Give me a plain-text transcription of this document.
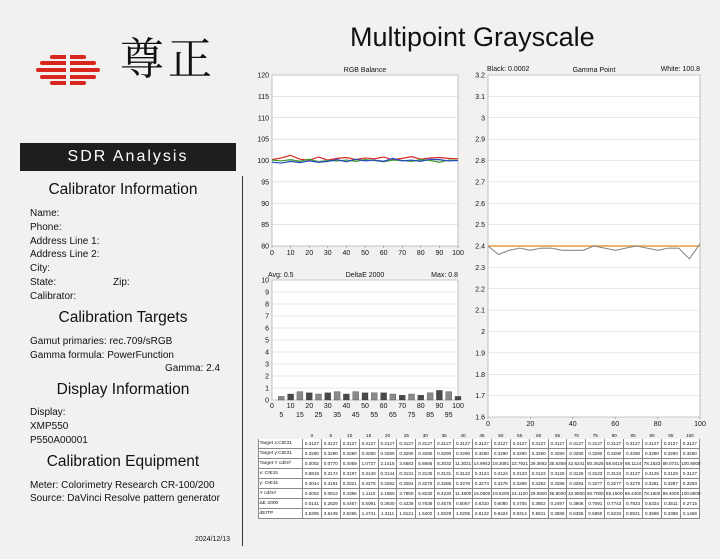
尊正	Multipoint Grayscale
SDR Analysis
Calibrator Information
Name:
Phone:
Address Line 1:
Address Line 2:
City:
State:	Zip:
Calibrator:
Calibration Targets
Gamut primaries: rec.709/sRGB
Gamma formula: PowerFunction
Gamma: 2.4
Display Information
Display:
XMP550
P550A00001
Calibration Equipment
Meter: Colorimetry Research CR-100/200
Source: DaVinci Resolve pattern generator
2024/12/13
RGB Balance
120
115
110
105
100
95
90
85
80
0 10 20 30 40 50 60 70 80 90 100
DeltaE 2000
Avg: 0.5	Max: 0.8
10
9
8
7
6
5
4
3
2
1
0
0 10 20 30 40 50 60 70 80 90 100
5 15 25 35 45 55 65 75 85 95
Gamma Point
Black: 0.0002	White: 100.8
3.2
3.1
3
2.9
2.8
2.7
2.6
2.5
2.4
2.3
2.2
2.1
2
1.9
1.8
1.7
1.6
0	20	40	60	80	100
	0	5	10	15	20	25	30	35	40	45	50	55	60	65	70	75	80	85	90	95	100
Target x:CIE31	0.3127	0.3127	0.3127	0.3127	0.3127	0.3127	0.3127	0.3127	0.3127	0.3127	0.3127	0.3127	0.3127	0.3127	0.3127	0.3127	0.3127	0.3127	0.3127	0.3127	0.3127
Target y:CIE31	0.3290	0.3290	0.3290	0.3290	0.3290	0.3290	0.3290	0.3290	0.3290	0.3290	0.3290	0.3290	0.3290	0.3290	0.3290	0.3290	0.3290	0.3290	0.3290	0.3290	0.3290
Target Y cd/m²	0.0002	0.0770	0.4059	1.0737	2.1415	3.6583	5.6665	8.2032	11.3021	14.9942	19.3081	23.7921	29.3662	35.6359	42.6241	50.3525	58.8419	68.1124	78.1833	89.0731	100.8000
x: CIE31	0.6919	0.3174	0.3197	0.3140	0.3144	0.3131	0.3135	0.3131	0.3122	0.3124	0.3124	0.3133	0.3123	0.3129	0.3126	0.3123	0.3124	0.3127	0.3125	0.3129	0.3127
y: CIE31	0.3044	0.3191	0.3321	0.3275	0.3292	0.3284	0.3275	0.3286	0.3276	0.3274	0.3276	0.3288	0.3282	0.3288	0.3284	0.3277	0.3277	0.3279	0.3281	0.3287	0.3293
Y cd/m²	0.0002	0.0912	0.4386	1.1110	2.1980	3.7950	5.8230	8.4230	11.4800	15.0600	19.5200	24.1100	29.5900	35.8000	42.9900	50.7000	59.1500	68.4400	78.1600	89.4000	100.8000
ΔE 2000	0.0141	0.2629	0.4467	0.5091	0.3930	0.4239	0.7636	0.4578	0.5067	0.6310	0.6080	0.4705	0.3802	0.2497	0.3906	0.7091	0.7743	0.7923	0.6334	0.3511	0.2715
dEITP	3.6306	3.5449	2.8265	1.4741	1.3111	1.8121	1.6402	1.5029	1.0205	0.6122	0.8424	0.9314	0.5911	0.3586	0.6355	0.6850	0.6234	0.5921	0.3696	0.3398	0.1466
